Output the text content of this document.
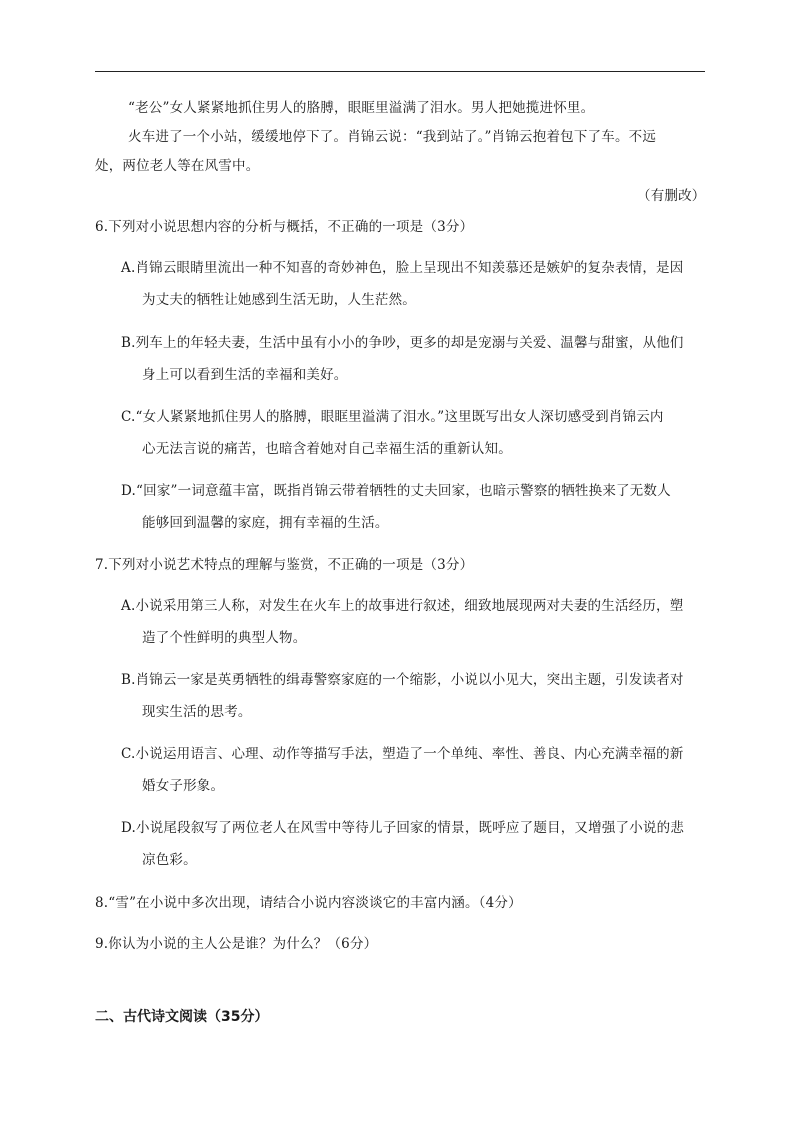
“老公”女人紧紧地抓住男人的胳膊，眼眶里溢满了泪水。男人把她揽进怀里。
火车进了一个小站，缓缓地停下了。肖锦云说：“我到站了。”肖锦云抱着包下了车。不远
处，两位老人等在风雪中。
（有删改）
6.下列对小说思想内容的分析与概括，不正确的一项是（3分）
A.肖锦云眼睛里流出一种不知喜的奇妙神色，脸上呈现出不知羡慕还是嫉妒的复杂表情，是因
为丈夫的牺牲让她感到生活无助，人生茫然。
B.列车上的年轻夫妻，生活中虽有小小的争吵，更多的却是宠溺与关爱、温馨与甜蜜，从他们
身上可以看到生活的幸福和美好。
C.“女人紧紧地抓住男人的胳膊，眼眶里溢满了泪水。”这里既写出女人深切感受到肖锦云内
心无法言说的痛苦，也暗含着她对自己幸福生活的重新认知。
D.“回家”一词意蕴丰富，既指肖锦云带着牺牲的丈夫回家，也暗示警察的牺牲换来了无数人
能够回到温馨的家庭，拥有幸福的生活。
7.下列对小说艺术特点的理解与鉴赏，不正确的一项是（3分）
A.小说采用第三人称，对发生在火车上的故事进行叙述，细致地展现两对夫妻的生活经历，塑
造了个性鲜明的典型人物。
B.肖锦云一家是英勇牺牲的缉毒警察家庭的一个缩影，小说以小见大，突出主题，引发读者对
现实生活的思考。
C.小说运用语言、心理、动作等描写手法，塑造了一个单纯、率性、善良、内心充满幸福的新
婚女子形象。
D.小说尾段叙写了两位老人在风雪中等待儿子回家的情景，既呼应了题目，又增强了小说的悲
凉色彩。
8.“雪”在小说中多次出现，请结合小说内容淡谈它的丰富内涵。（4分）
9.你认为小说的主人公是谁？为什么？（6分）
二、古代诗文阅读（35分）
